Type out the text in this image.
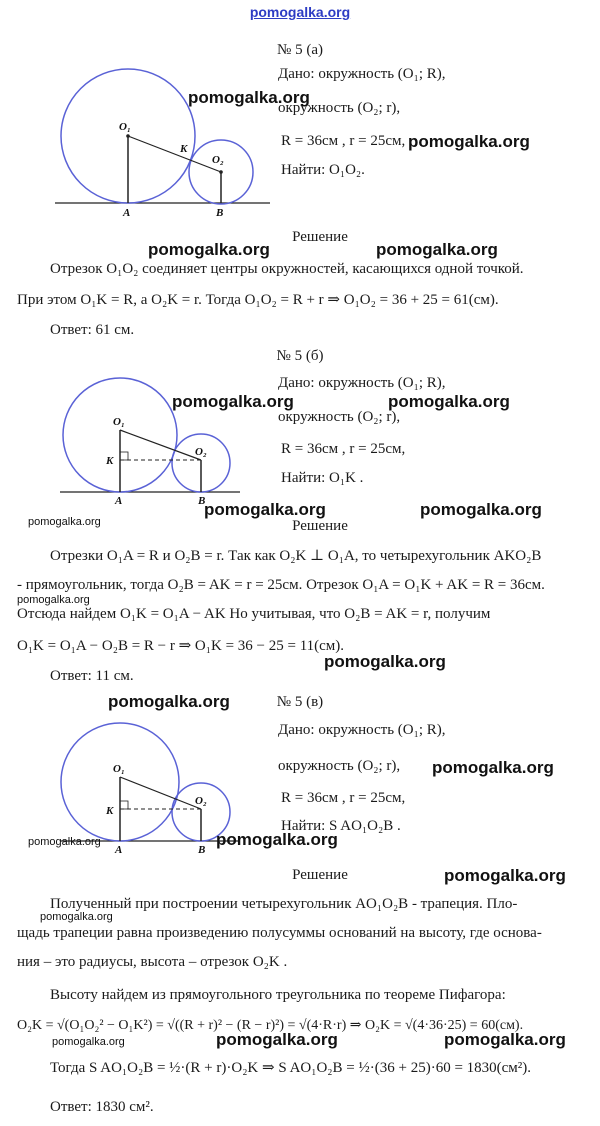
pomogalka.org
№ 5 (а)
O₁
O₂
K
A	B
Дано: окружность (O₁; R),
окружность (O₂; r),
R = 36см , r = 25см,
Найти: O₁O₂.
pomogalka.org
pomogalka.org
Решение
pomogalka.org	pomogalka.org
Отрезок O₁O₂ соединяет центры окружностей, касающихся одной точкой.
При этом O₁K = R, а O₂K = r. Тогда O₁O₂ = R + r ⇒ O₁O₂ = 36 + 25 = 61(см).
Ответ: 61 см.
№ 5 (б)
O₁
O₂
K
A	B
Дано: окружность (O₁; R),
окружность (O₂; r),
R = 36см , r = 25см,
Найти: O₁K .
pomogalka.org	pomogalka.org
pomogalka.org	pomogalka.org
pomogalka.org	Решение
Отрезки O₁A = R и O₂B = r. Так как O₂K ⊥ O₁A, то четырехугольник AKO₂B
- прямоугольник, тогда O₂B = AK = r = 25см. Отрезок O₁A = O₁K + AK = R = 36см.
pomogalka.org
Отсюда найдем O₁K = O₁A − AK Но учитывая, что O₂B = AK = r, получим
O₁K = O₁A − O₂B = R − r ⇒ O₁K = 36 − 25 = 11(см).
pomogalka.org
Ответ: 11 см.
pomogalka.org	№ 5 (в)
O₁
O₂
K
A	B
Дано: окружность (O₁; R),
окружность (O₂; r), pomogalka.org
R = 36см , r = 25см,
Найти: S AO₁O₂B .
pomogalka.org
pomogalka.org
Решение	pomogalka.org
Полученный при построении четырехугольник AO₁O₂B - трапеция. Пло-
pomogalka.org
щадь трапеции равна произведению полусуммы оснований на высоту, где основа-
ния – это радиусы, высота – отрезок O₂K .
Высоту найдем из прямоугольного треугольника по теореме Пифагора:
O₂K = √(O₁O₂² − O₁K²) = √((R + r)² − (R − r)²) = √(4·R·r) ⇒ O₂K = √(4·36·25) = 60(см).
pomogalka.org	pomogalka.org	pomogalka.org
Тогда S AO₁O₂B = ½·(R + r)·O₂K ⇒ S AO₁O₂B = ½·(36 + 25)·60 = 1830(см²).
Ответ: 1830 см².
